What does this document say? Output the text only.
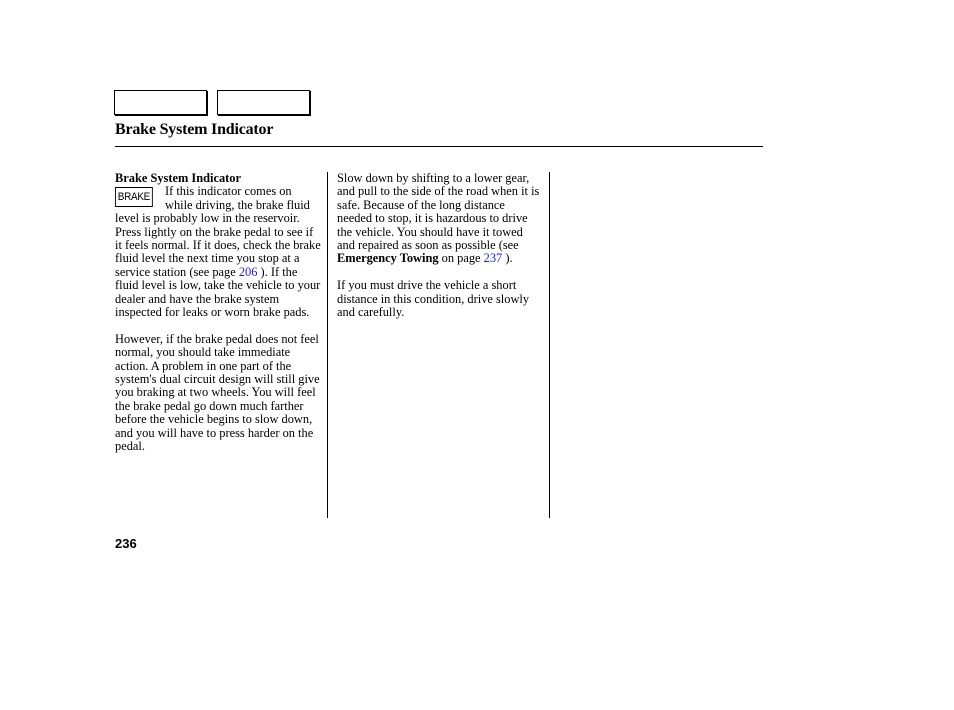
Brake System Indicator
Brake System Indicator

BRAKE If this indicator comes on while driving, the brake fluid level is probably low in the reservoir. Press lightly on the brake pedal to see if it feels normal. If it does, check the brake fluid level the next time you stop at a service station (see page 206 ). If the fluid level is low, take the vehicle to your dealer and have the brake system inspected for leaks or worn brake pads.

However, if the brake pedal does not feel normal, you should take immediate action. A problem in one part of the system's dual circuit design will still give you braking at two wheels. You will feel the brake pedal go down much farther before the vehicle begins to slow down, and you will have to press harder on the pedal.

Slow down by shifting to a lower gear, and pull to the side of the road when it is safe. Because of the long distance needed to stop, it is hazardous to drive the vehicle. You should have it towed and repaired as soon as possible (see Emergency Towing on page 237 ).

If you must drive the vehicle a short distance in this condition, drive slowly and carefully.

236
